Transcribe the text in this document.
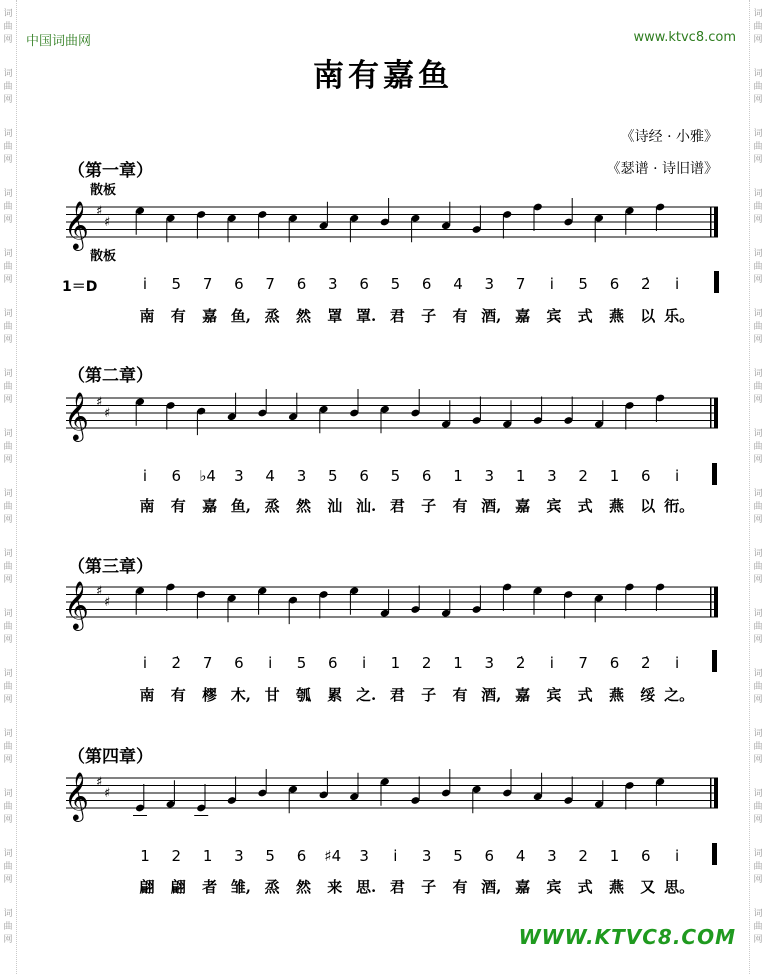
词
曲
网
词
曲
网
词
曲
网
词
曲
网
词
曲
网
词
曲
网
词
曲
网
词
曲
网
词
曲
网
词
曲
网
词
曲
网
词
曲
网
词
曲
网
词
曲
网
词
曲
网
词
曲
网
词
曲
网
词
曲
网
词
曲
网
词
曲
网
词
曲
网
词
曲
网
词
曲
网
词
曲
网
词
曲
网
词
曲
网
词
曲
网
词
曲
网
词
曲
网
词
曲
网
词
曲
网
词
曲
网
中国词曲网	www.ktvc8.com
南有嘉鱼
《诗经 · 小雅》
《瑟谱 · 诗旧谱》
（第一章）
散板
散板
1＝D
（第二章）
（第三章）
（第四章）
𝄞 ♯
♯
𝄞 ♯
♯
𝄞 ♯
♯
𝄞 ♯
♯
i 5 7 6 7 6 3 6 5 6 4 3 7 i 5 6 2̇ i
南 有 嘉 鱼, 烝 然 罩 罩. 君 子 有 酒, 嘉 宾 式 燕 以 乐。
i 6 ♭4 3 4 3 5 6 5 6 1 3 1 3 2 1 6 i
南 有 嘉 鱼, 烝 然 汕 汕. 君 子 有 酒, 嘉 宾 式 燕 以 衎。
i 2̇ 7 6 i 5 6 i 1 2 1 3 2̇ i 7 6 2̇ i
南 有 樛 木, 甘 瓠 累 之. 君 子 有 酒, 嘉 宾 式 燕 绥 之。
1 2 1 3 5 6 ♯4 3 i 3 5 6 4 3 2 1 6 i
翩 翩 者 雏, 烝 然 来 思. 君 子 有 酒, 嘉 宾 式 燕 又 思。
WWW.KTVC8.COM
